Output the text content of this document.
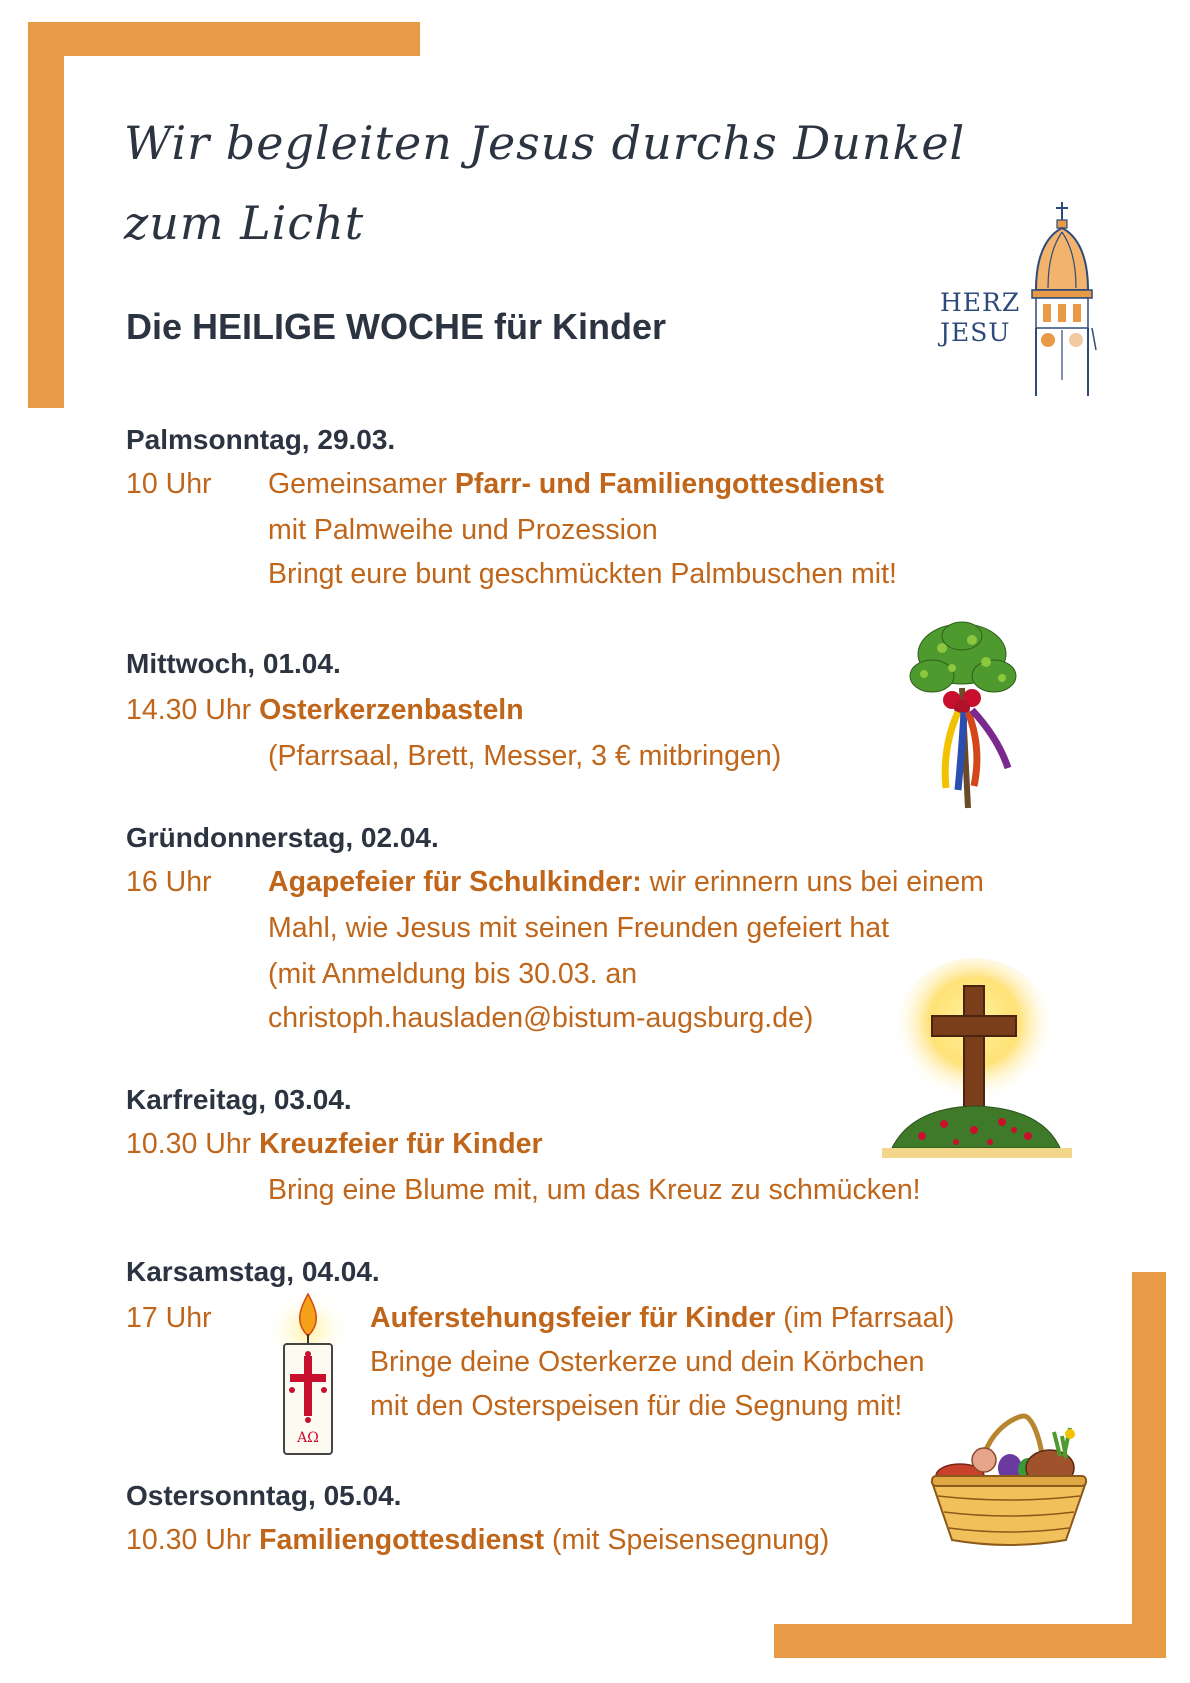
Wir begleiten Jesus durchs Dunkel
zum Licht
Die HEILIGE WOCHE für Kinder
HERZ
JESU
Palmsonntag, 29.03.
10 Uhr Gemeinsamer Pfarr- und Familiengottesdienst
mit Palmweihe und Prozession
Bringt eure bunt geschmückten Palmbuschen mit!
Mittwoch, 01.04.
14.30 Uhr Osterkerzenbasteln
(Pfarrsaal, Brett, Messer, 3 € mitbringen)
Gründonnerstag, 02.04.
16 Uhr Agapefeier für Schulkinder: wir erinnern uns bei einem
Mahl, wie Jesus mit seinen Freunden gefeiert hat
(mit Anmeldung bis 30.03. an
christoph.hausladen@bistum-augsburg.de)
Karfreitag, 03.04.
10.30 Uhr Kreuzfeier für Kinder
Bring eine Blume mit, um das Kreuz zu schmücken!
Karsamstag, 04.04.
17 Uhr	Auferstehungsfeier für Kinder (im Pfarrsaal)
Bringe deine Osterkerze und dein Körbchen
mit den Osterspeisen für die Segnung mit!
AΩ
Ostersonntag, 05.04.
10.30 Uhr Familiengottesdienst (mit Speisensegnung)
